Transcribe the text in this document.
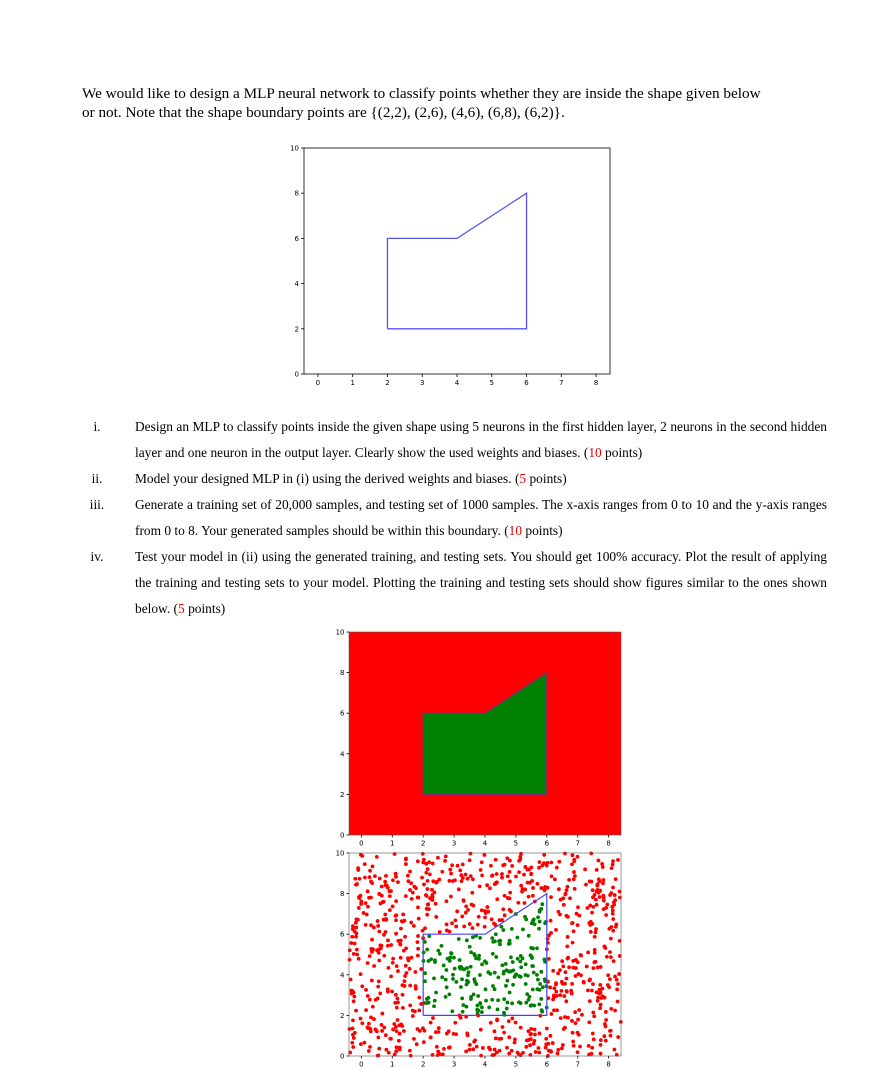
We would like to design a MLP neural network to classify points whether they are inside the shape given below

or not. Note that the shape boundary points are {(2,2), (2,6), (4,6), (6,8), (6,2)}.

0	1	2	3	4	5	6	7	8
0
2
4
6
8
10
i.	Design an MLP to classify points inside the given shape using 5 neurons in the first hidden layer, 2 neurons in the second hidden layer and one neuron in the output layer. Clearly show the used weights and biases. (10 points)
ii.	Model your designed MLP in (i) using the derived weights and biases. (5 points)
iii.	Generate a training set of 20,000 samples, and testing set of 1000 samples. The x-axis ranges from 0 to 10 and the y-axis ranges from 0 to 8. Your generated samples should be within this boundary. (10 points)
iv.	Test your model in (ii) using the generated training, and testing sets. You should get 100% accuracy. Plot the result of applying the training and testing sets to your model. Plotting the training and testing sets should show figures similar to the ones shown below. (5 points)
0	1	2	3	4	5	6	7	8
0
2
4
6
8
10
0	1	2	3	4	5	6	7	8
0
2
4
6
8
10
